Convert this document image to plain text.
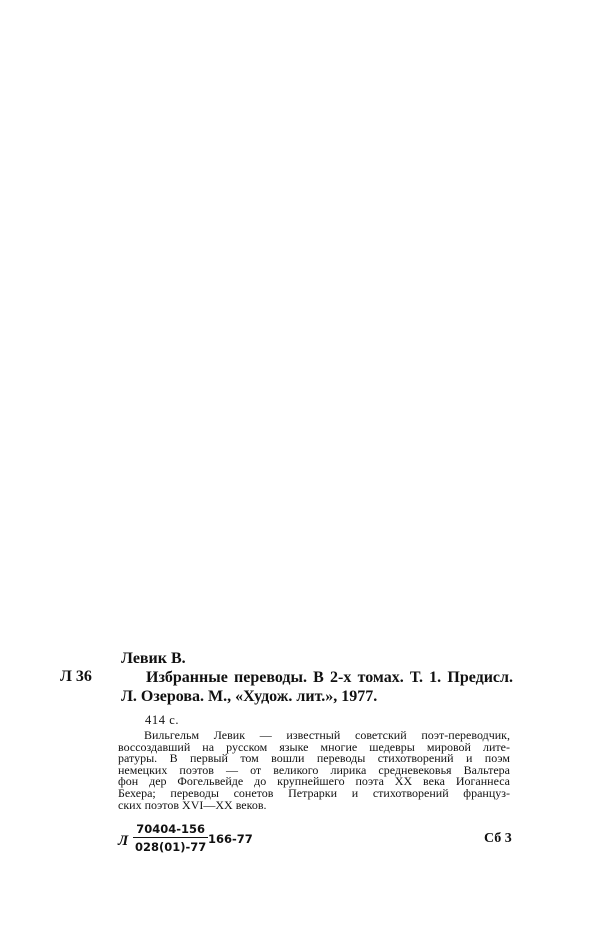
Левик В.
Л 36	Избранные переводы. В 2-х томах. Т. 1. Предисл.
Л. Озерова. М., «Худож. лит.», 1977.
414 с.
Вильгельм Левик — известный советский поэт-переводчик,
воссоздавший на русском языке многие шедевры мировой лите-
ратуры. В первый том вошли переводы стихотворений и поэм
немецких поэтов — от великого лирика средневековья Вальтера
фон дер Фогельвейде до крупнейшего поэта XX века Иоганнеса
Бехера; переводы сонетов Петрарки и стихотворений француз-
ских поэтов XVI—XX веков.
Л $\frac{70404-156}{028(01)-77} 166-77$	Сб 3
